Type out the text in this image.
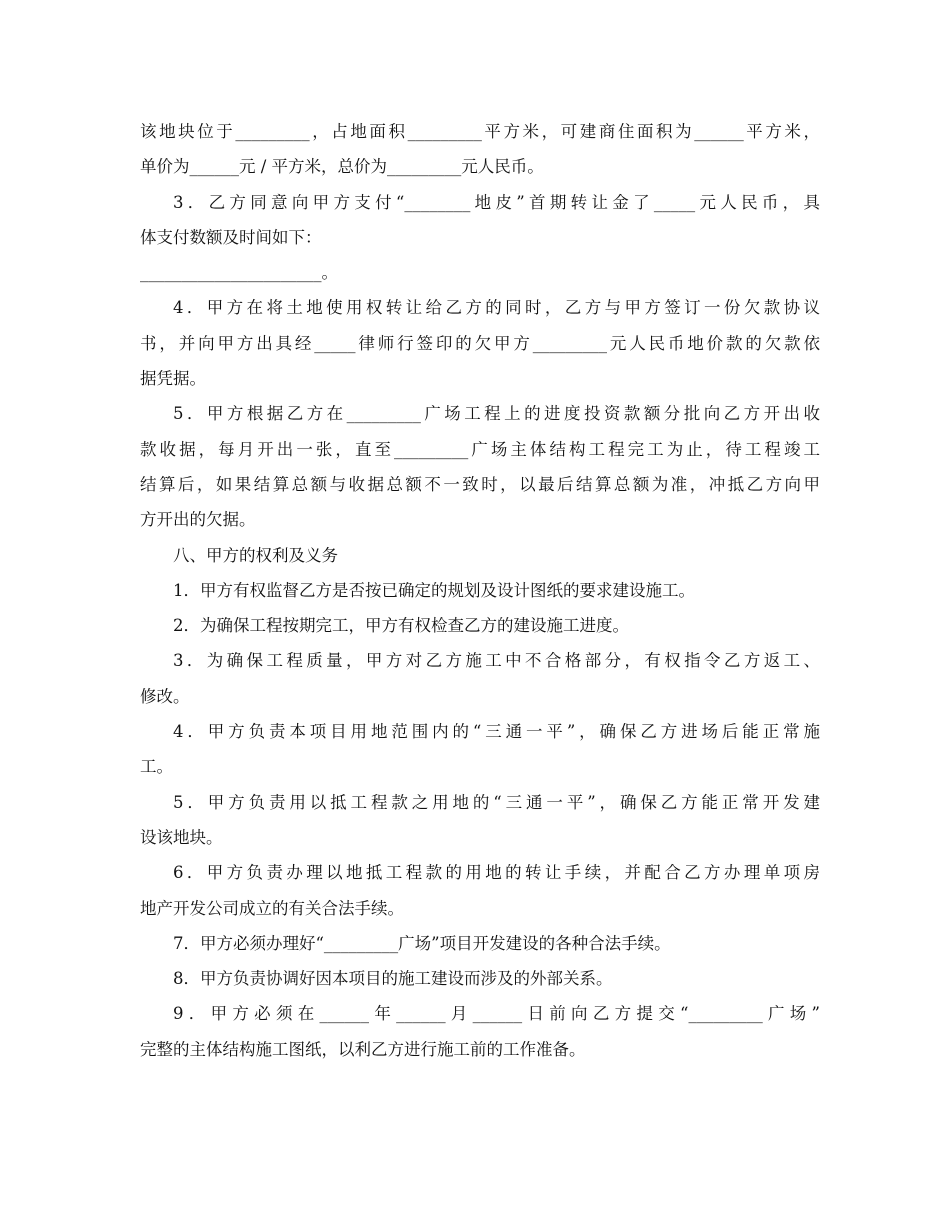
该地块位于_________，占地面积_________平方米，可建商住面积为______平方米，
单价为______元 / 平方米，总价为_________元人民币。
3．乙方同意向甲方支付“________地皮”首期转让金了_____元人民币，具
体支付数额及时间如下：
______________________。
4．甲方在将土地使用权转让给乙方的同时，乙方与甲方签订一份欠款协议
书，并向甲方出具经_____律师行签印的欠甲方_________元人民币地价款的欠款依
据凭据。
5．甲方根据乙方在_________广场工程上的进度投资款额分批向乙方开出收
款收据，每月开出一张，直至_________广场主体结构工程完工为止，待工程竣工
结算后，如果结算总额与收据总额不一致时，以最后结算总额为准，冲抵乙方向甲
方开出的欠据。
八、甲方的权利及义务
1．甲方有权监督乙方是否按已确定的规划及设计图纸的要求建设施工。
2．为确保工程按期完工，甲方有权检查乙方的建设施工进度。
3．为确保工程质量，甲方对乙方施工中不合格部分，有权指令乙方返工、
修改。
4．甲方负责本项目用地范围内的“三通一平”，确保乙方进场后能正常施
工。
5．甲方负责用以抵工程款之用地的“三通一平”，确保乙方能正常开发建
设该地块。
6．甲方负责办理以地抵工程款的用地的转让手续，并配合乙方办理单项房
地产开发公司成立的有关合法手续。
7．甲方必须办理好“_________广场”项目开发建设的各种合法手续。
8．甲方负责协调好因本项目的施工建设而涉及的外部关系。
9．甲方必须在______年______月______日前向乙方提交“_________广场”
完整的主体结构施工图纸，以利乙方进行施工前的工作准备。
